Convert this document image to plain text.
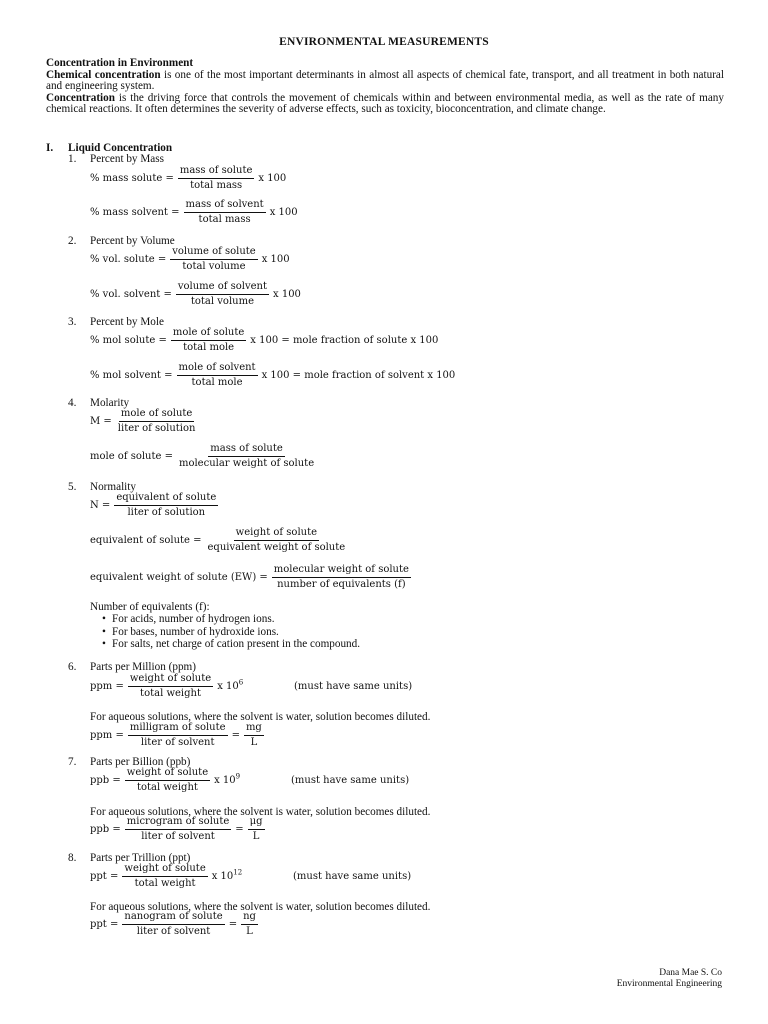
ENVIRONMENTAL MEASUREMENTS

Concentration in Environment

Chemical concentration is one of the most important determinants in almost all aspects of chemical fate, transport, and all treatment in both natural and engineering system.

Concentration is the driving force that controls the movement of chemicals within and between environmental media, as well as the rate of many chemical reactions. It often determines the severity of adverse effects, such as toxicity, bioconcentration, and climate change.

I. Liquid Concentration
1. Percent by Mass
% mass solute = $\frac{\text{mass of solute}}{\text{total mass}}$ x 100
% mass solvent = $\frac{\text{mass of solvent}}{\text{total mass}}$ x 100
2. Percent by Volume
% vol. solute = $\frac{\text{volume of solute}}{\text{total volume}}$ x 100
% vol. solvent = $\frac{\text{volume of solvent}}{\text{total volume}}$ x 100
3. Percent by Mole
% mol solute = $\frac{\text{mole of solute}}{\text{total mole}}$ x 100 = mole fraction of solute x 100
% mol solvent = $\frac{\text{mole of solvent}}{\text{total mole}}$ x 100 = mole fraction of solvent x 100
4. Molarity
$M = \frac{\text{mole of solute}}{\text{liter of solution}}$
mole of solute = $\frac{\text{mass of solute}}{\text{molecular weight of solute}}$
5. Normality
$N = \frac{\text{equivalent of solute}}{\text{liter of solution}}$
equivalent of solute = $\frac{\text{weight of solute}}{\text{equivalent weight of solute}}$
equivalent weight of solute $(EW) = \frac{\text{molecular weight of solute}}{\text{number of equivalents (f)}}$
Number of equivalents (f):
• For acids, number of hydrogen ions.
• For bases, number of hydroxide ions.
• For salts, net charge of cation present in the compound.
6. Parts per Million (ppm)
ppm = $\frac{\text{weight of solute}}{\text{total weight}}$ x $10^6$	(must have same units)
For aqueous solutions, where the solvent is water, solution becomes diluted.
ppm = $\frac{\text{milligram of solute}}{\text{liter of solvent}} = \frac{mg}{L}$
7. Parts per Billion (ppb)
ppb = $\frac{\text{weight of solute}}{\text{total weight}}$ x $10^9$	(must have same units)
For aqueous solutions, where the solvent is water, solution becomes diluted.
ppb = $\frac{\text{microgram of solute}}{\text{liter of solvent}} = \frac{\mu g}{L}$
8. Parts per Trillion (ppt)
ppt = $\frac{\text{weight of solute}}{\text{total weight}}$ x $10^{12}$	(must have same units)
For aqueous solutions, where the solvent is water, solution becomes diluted.
ppt = $\frac{\text{nanogram of solute}}{\text{liter of solvent}} = \frac{ng}{L}$
Dana Mae S. Co
Environmental Engineering
